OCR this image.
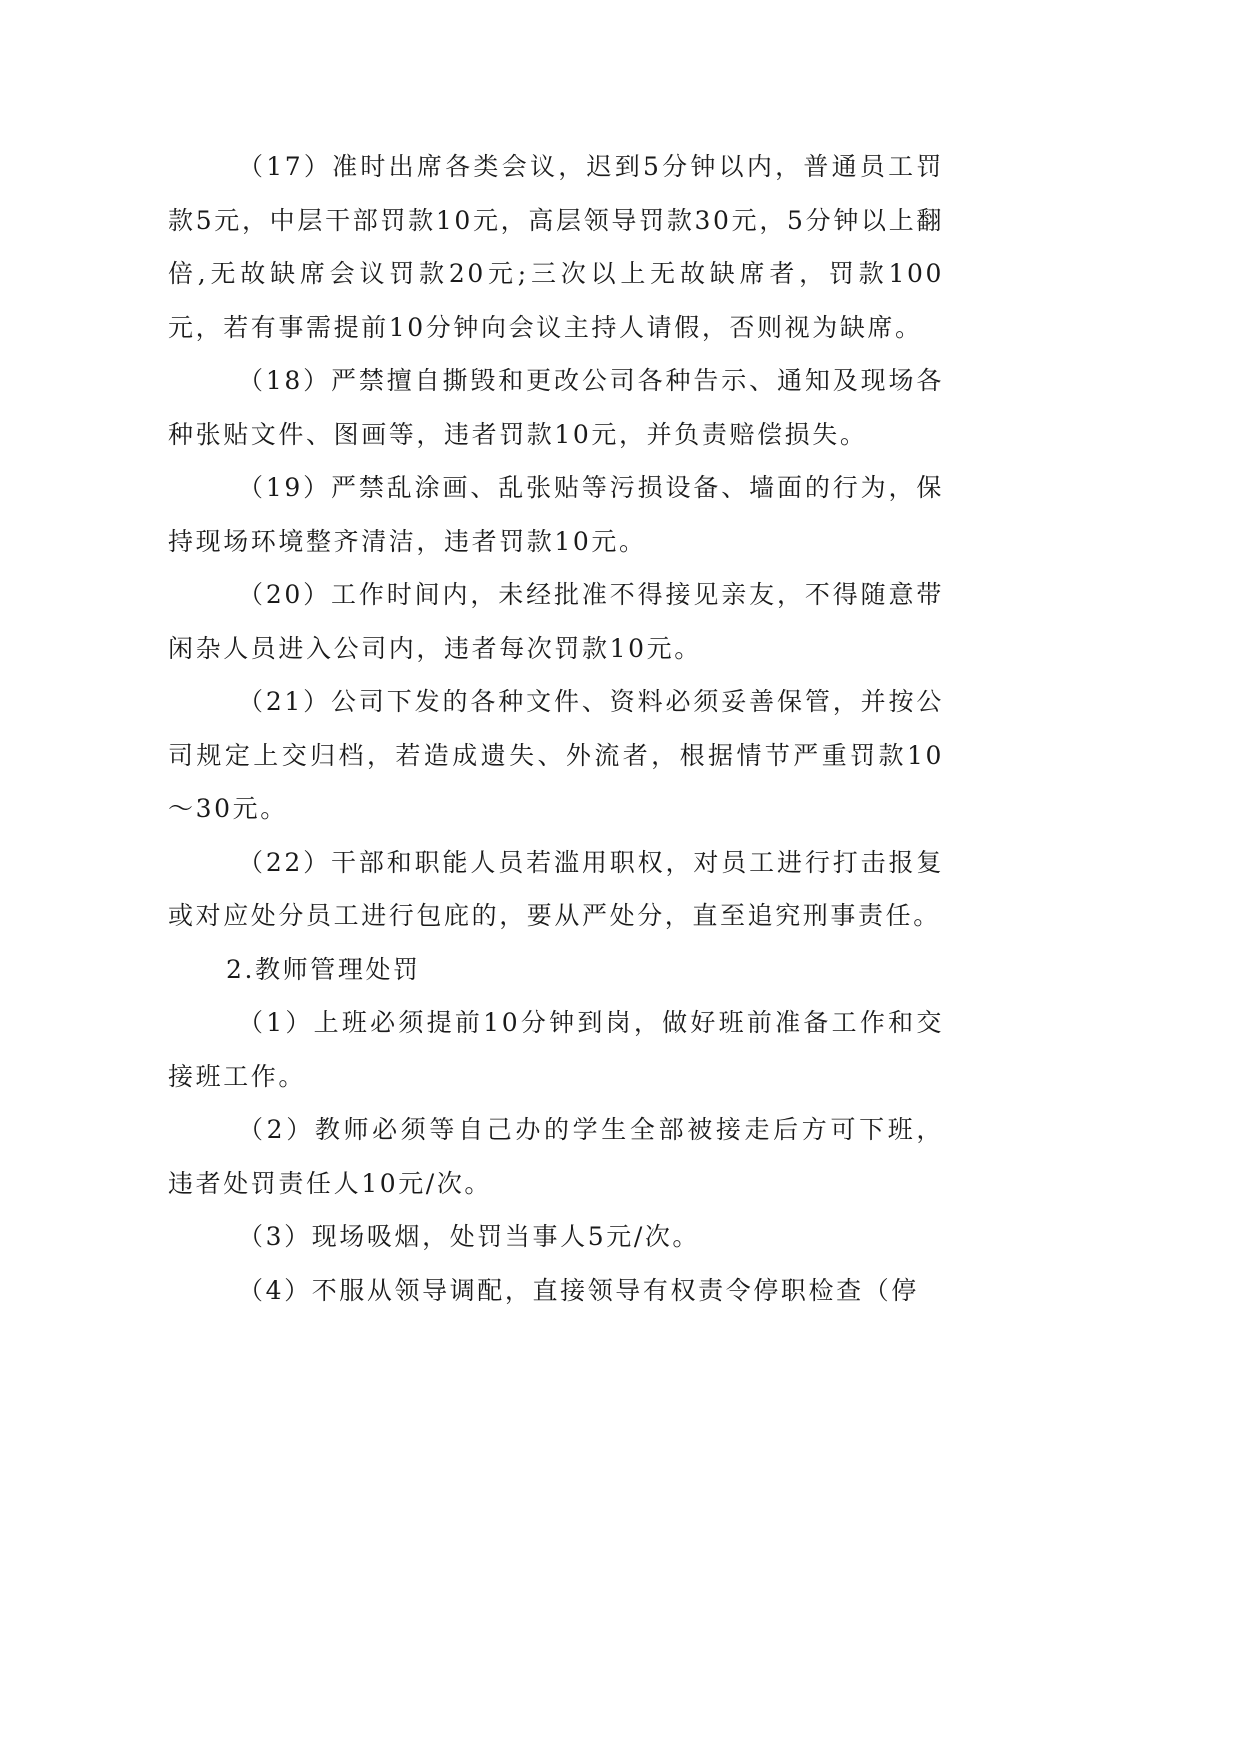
（17）准时出席各类会议，迟到5分钟以内，普通员工罚款5元，中层干部罚款10元，高层领导罚款30元，5分钟以上翻倍,无故缺席会议罚款20元;三次以上无故缺席者，罚款100元，若有事需提前10分钟向会议主持人请假，否则视为缺席。

（18）严禁擅自撕毁和更改公司各种告示、通知及现场各种张贴文件、图画等，违者罚款10元，并负责赔偿损失。

（19）严禁乱涂画、乱张贴等污损设备、墙面的行为，保持现场环境整齐清洁，违者罚款10元。

（20）工作时间内，未经批准不得接见亲友，不得随意带闲杂人员进入公司内，违者每次罚款10元。

（21）公司下发的各种文件、资料必须妥善保管，并按公司规定上交归档，若造成遗失、外流者，根据情节严重罚款10～30元。

（22）干部和职能人员若滥用职权，对员工进行打击报复或对应处分员工进行包庇的，要从严处分，直至追究刑事责任。

2.教师管理处罚

（1）上班必须提前10分钟到岗，做好班前准备工作和交接班工作。

（2）教师必须等自己办的学生全部被接走后方可下班，违者处罚责任人10元/次。

（3）现场吸烟，处罚当事人5元/次。

（4）不服从领导调配，直接领导有权责令停职检查（停
